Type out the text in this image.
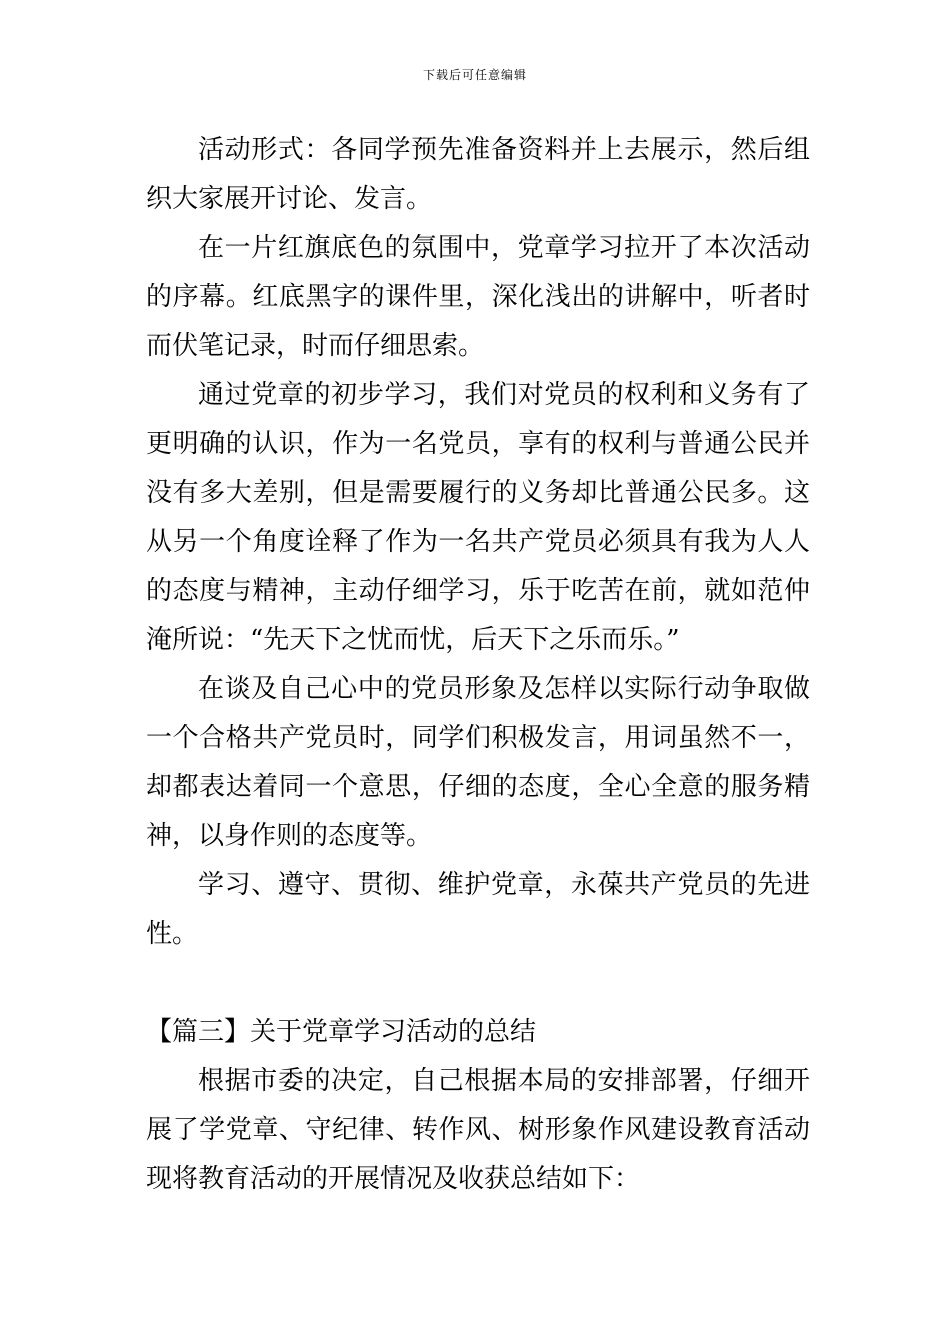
下载后可任意编辑

活动形式：各同学预先准备资料并上去展示，然后组织大家展开讨论、发言。

在一片红旗底色的氛围中，党章学习拉开了本次活动的序幕。红底黑字的课件里，深化浅出的讲解中，听者时而伏笔记录，时而仔细思索。

通过党章的初步学习，我们对党员的权利和义务有了更明确的认识，作为一名党员，享有的权利与普通公民并没有多大差别，但是需要履行的义务却比普通公民多。这从另一个角度诠释了作为一名共产党员必须具有我为人人的态度与精神，主动仔细学习，乐于吃苦在前，就如范仲淹所说：“先天下之忧而忧，后天下之乐而乐。”

在谈及自己心中的党员形象及怎样以实际行动争取做一个合格共产党员时，同学们积极发言，用词虽然不一，却都表达着同一个意思，仔细的态度，全心全意的服务精神，以身作则的态度等。

学习、遵守、贯彻、维护党章，永葆共产党员的先进性。

【篇三】关于党章学习活动的总结

根据市委的决定，自己根据本局的安排部署，仔细开展了学党章、守纪律、转作风、树形象作风建设教育活动现将教育活动的开展情况及收获总结如下：
